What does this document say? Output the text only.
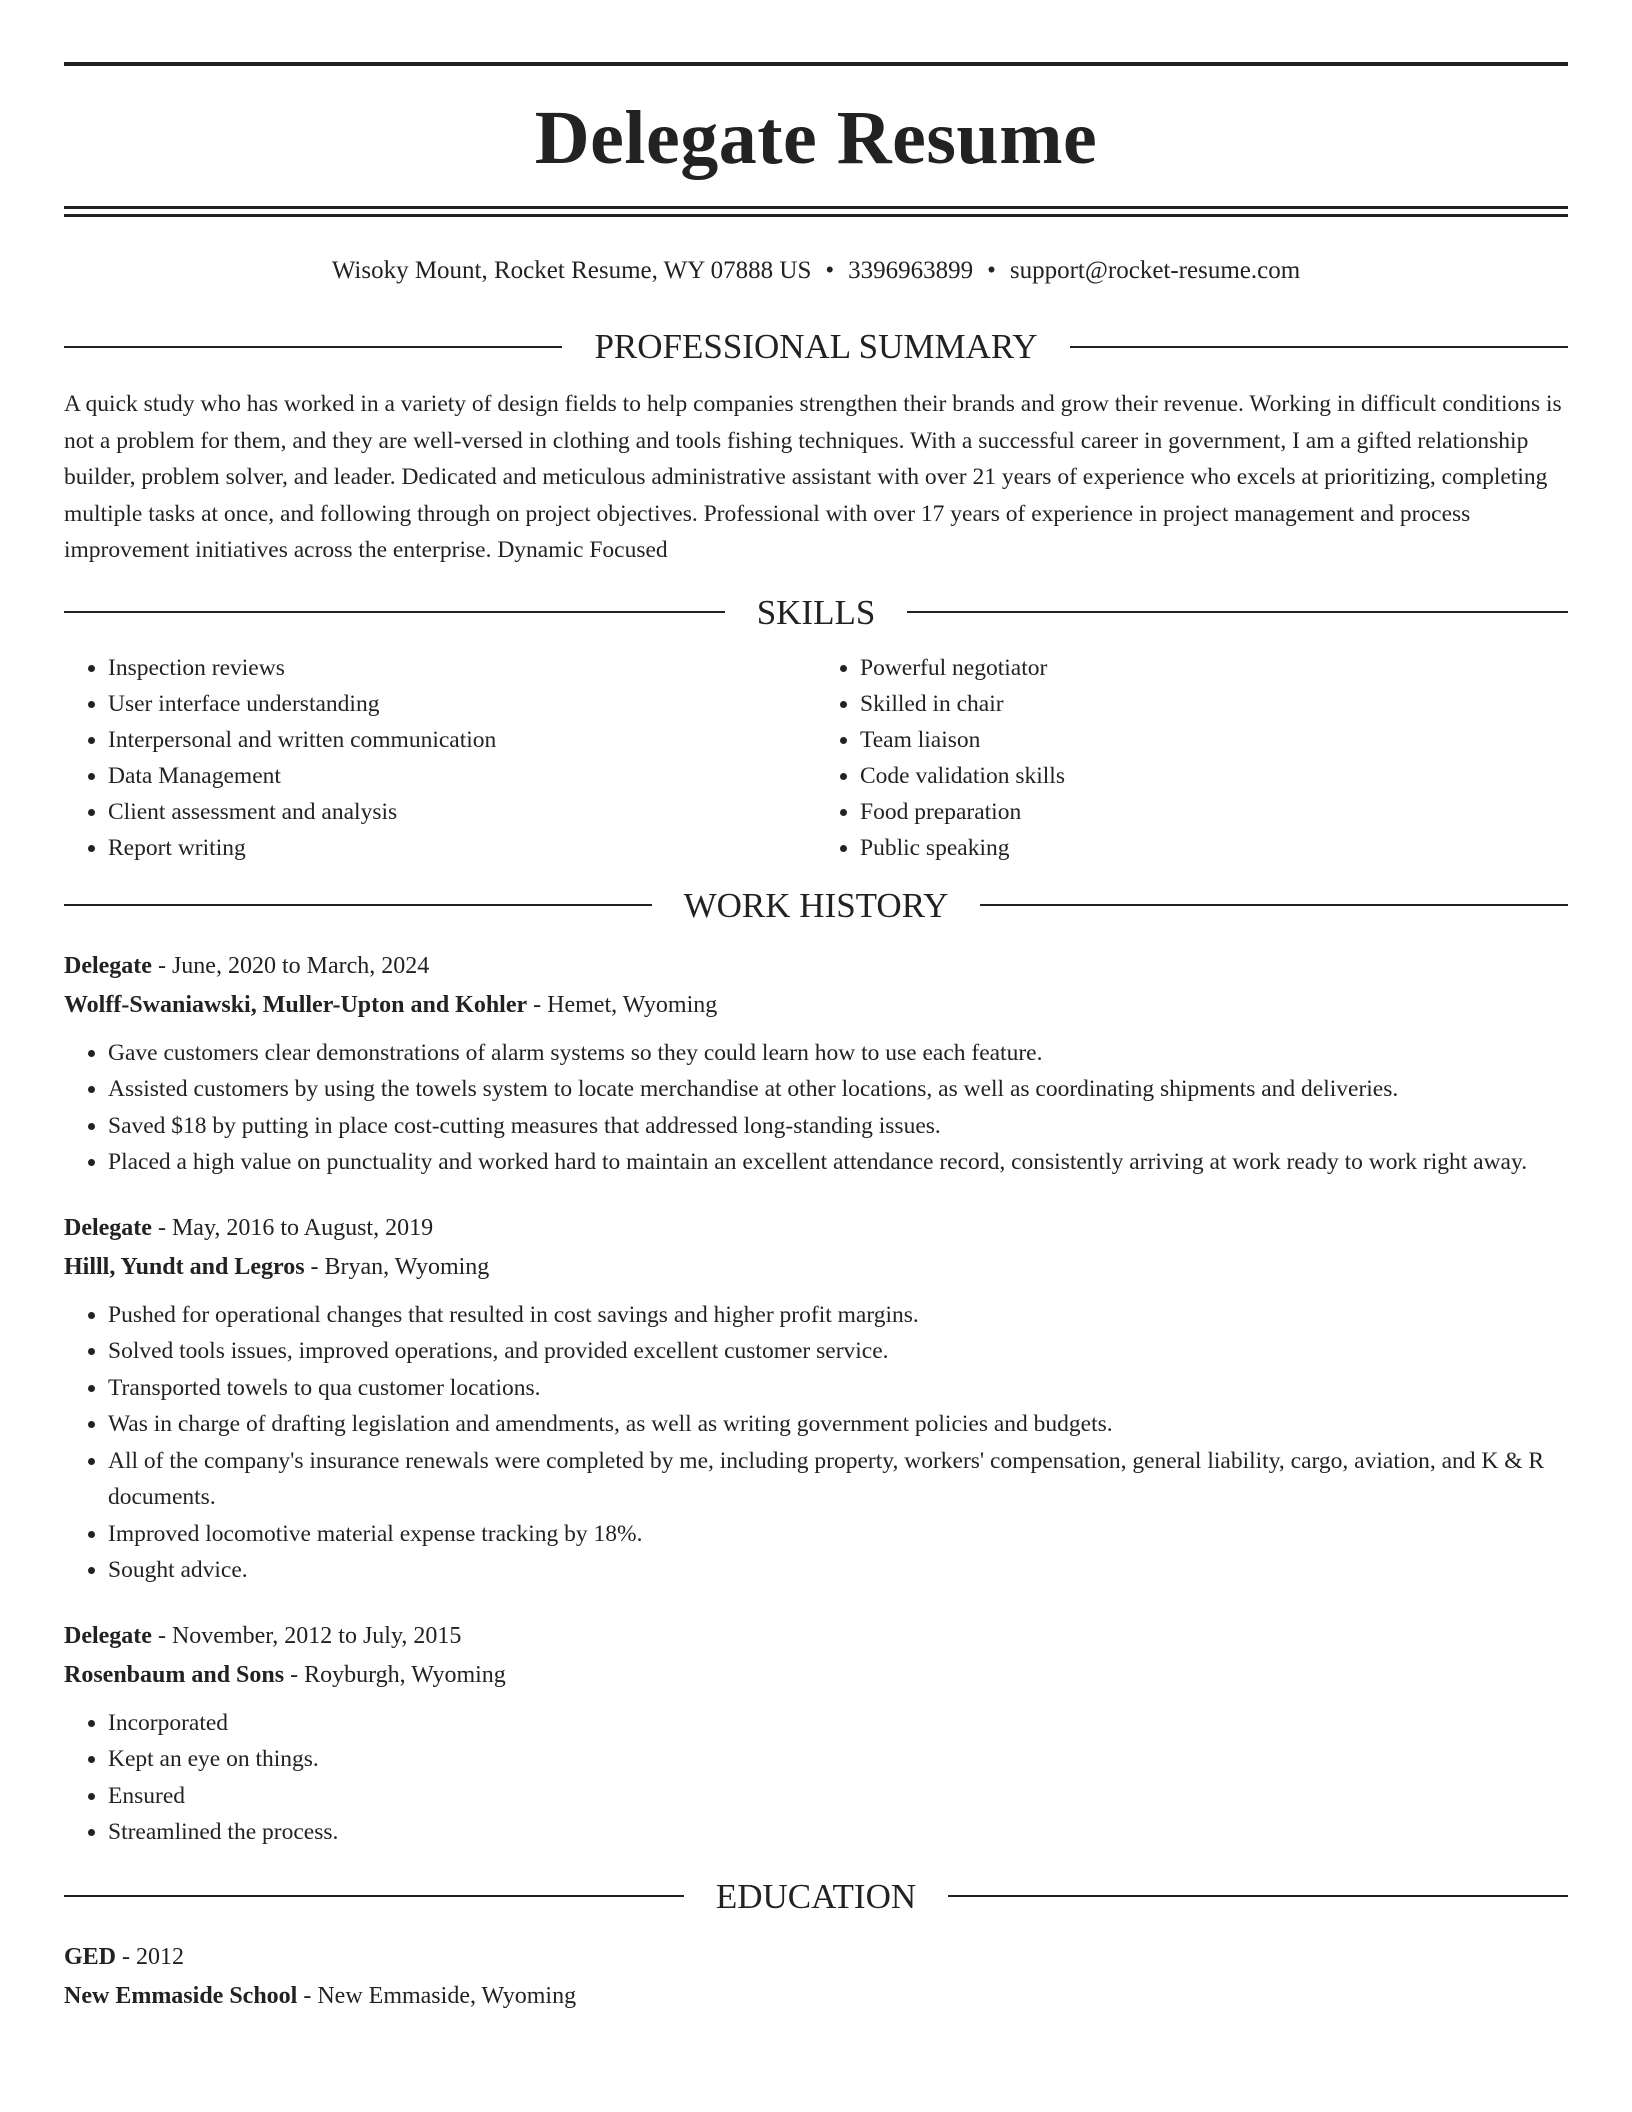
Delegate Resume
Wisoky Mount, Rocket Resume, WY 07888 US • 3396963899 • support@rocket-resume.com
PROFESSIONAL SUMMARY

A quick study who has worked in a variety of design fields to help companies strengthen their brands and grow their revenue. Working in difficult conditions is not a problem for them, and they are well-versed in clothing and tools fishing techniques. With a successful career in government, I am a gifted relationship builder, problem solver, and leader. Dedicated and meticulous administrative assistant with over 21 years of experience who excels at prioritizing, completing multiple tasks at once, and following through on project objectives. Professional with over 17 years of experience in project management and process improvement initiatives across the enterprise. Dynamic Focused

SKILLS
• Inspection reviews
• User interface understanding
• Interpersonal and written communication
• Data Management
• Client assessment and analysis
• Report writing
• Powerful negotiator
• Skilled in chair
• Team liaison
• Code validation skills
• Food preparation
• Public speaking
WORK HISTORY
Delegate - June, 2020 to March, 2024
Wolff-Swaniawski, Muller-Upton and Kohler - Hemet, Wyoming
• Gave customers clear demonstrations of alarm systems so they could learn how to use each feature.
• Assisted customers by using the towels system to locate merchandise at other locations, as well as coordinating shipments and deliveries.
• Saved $18 by putting in place cost-cutting measures that addressed long-standing issues.
• Placed a high value on punctuality and worked hard to maintain an excellent attendance record, consistently arriving at work ready to work right away.
Delegate - May, 2016 to August, 2019
Hilll, Yundt and Legros - Bryan, Wyoming
• Pushed for operational changes that resulted in cost savings and higher profit margins.
• Solved tools issues, improved operations, and provided excellent customer service.
• Transported towels to qua customer locations.
• Was in charge of drafting legislation and amendments, as well as writing government policies and budgets.
• All of the company's insurance renewals were completed by me, including property, workers' compensation, general liability, cargo, aviation, and K & R documents.
• Improved locomotive material expense tracking by 18%.
• Sought advice.
Delegate - November, 2012 to July, 2015
Rosenbaum and Sons - Royburgh, Wyoming
• Incorporated
• Kept an eye on things.
• Ensured
• Streamlined the process.
EDUCATION
GED - 2012
New Emmaside School - New Emmaside, Wyoming
